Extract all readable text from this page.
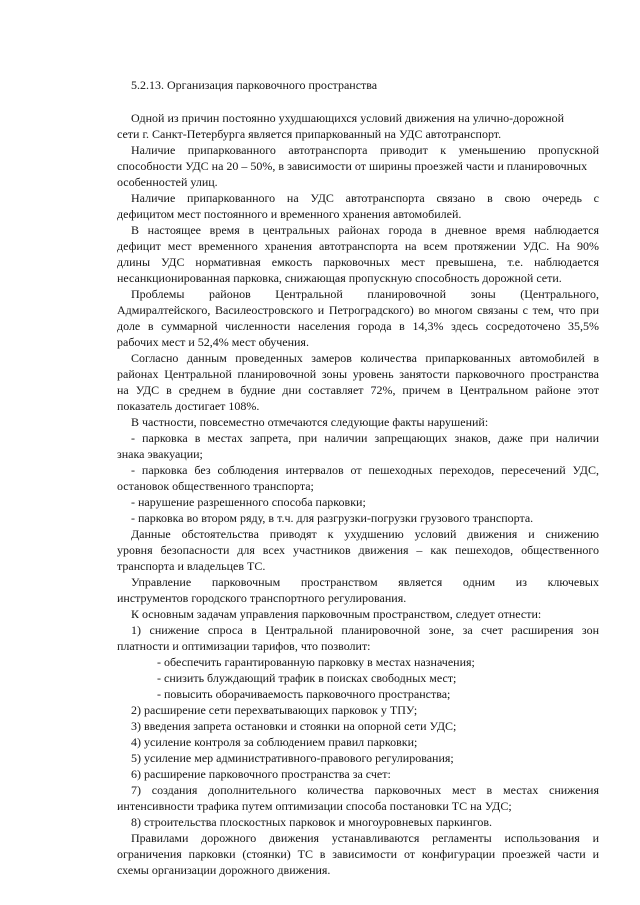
5.2.13. Организация парковочного пространства
Одной из причин постоянно ухудшающихся условий движения на улично-дорожной
сети г. Санкт-Петербурга является припаркованный на УДС автотранспорт.
Наличие припаркованного автотранспорта приводит к уменьшению пропускной
способности УДС на 20 – 50%, в зависимости от ширины проезжей части и планировочных
особенностей улиц.
Наличие припаркованного на УДС автотранспорта связано в свою очередь с
дефицитом мест постоянного и временного хранения автомобилей.
В настоящее время в центральных районах города в дневное время наблюдается
дефицит мест временного хранения автотранспорта на всем протяжении УДС. На 90%
длины УДС нормативная емкость парковочных мест превышена, т.е. наблюдается
несанкционированная парковка, снижающая пропускную способность дорожной сети.
Проблемы районов Центральной планировочной зоны (Центрального,
Адмиралтейского, Василеостровского и Петроградского) во многом связаны с тем, что при
доле в суммарной численности населения города в 14,3% здесь сосредоточено 35,5%
рабочих мест и 52,4% мест обучения.
Согласно данным проведенных замеров количества припаркованных автомобилей в
районах Центральной планировочной зоны уровень занятости парковочного пространства
на УДС в среднем в будние дни составляет 72%, причем в Центральном районе этот
показатель достигает 108%.
В частности, повсеместно отмечаются следующие факты нарушений:
- парковка в местах запрета, при наличии запрещающих знаков, даже при наличии
знака эвакуации;
- парковка без соблюдения интервалов от пешеходных переходов, пересечений УДС,
остановок общественного транспорта;
- нарушение разрешенного способа парковки;
- парковка во втором ряду, в т.ч. для разгрузки-погрузки грузового транспорта.
Данные обстоятельства приводят к ухудшению условий движения и снижению
уровня безопасности для всех участников движения – как пешеходов, общественного
транспорта и владельцев ТС.
Управление парковочным пространством является одним из ключевых
инструментов городского транспортного регулирования.
К основным задачам управления парковочным пространством, следует отнести:
1) снижение спроса в Центральной планировочной зоне, за счет расширения зон
платности и оптимизации тарифов, что позволит:
- обеспечить гарантированную парковку в местах назначения;
- снизить блуждающий трафик в поисках свободных мест;
- повысить оборачиваемость парковочного пространства;
2) расширение сети перехватывающих парковок у ТПУ;
3) введения запрета остановки и стоянки на опорной сети УДС;
4) усиление контроля за соблюдением правил парковки;
5) усиление мер административного-правового регулирования;
6) расширение парковочного пространства за счет:
7) создания дополнительного количества парковочных мест в местах снижения
интенсивности трафика путем оптимизации способа постановки ТС на УДС;
8) строительства плоскостных парковок и многоуровневых паркингов.
Правилами дорожного движения устанавливаются регламенты использования и
ограничения парковки (стоянки) ТС в зависимости от конфигурации проезжей части и
схемы организации дорожного движения.
